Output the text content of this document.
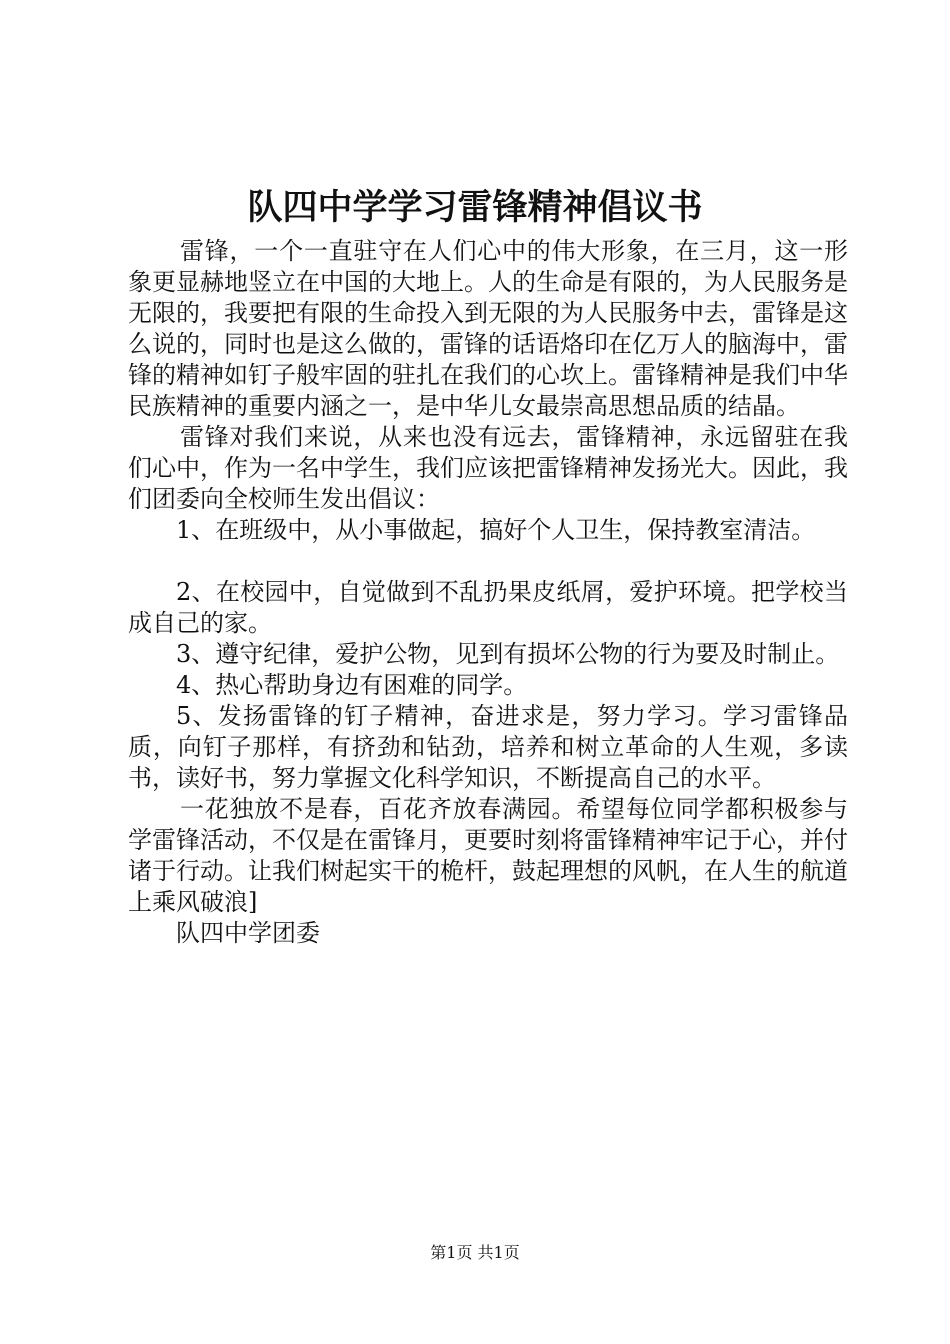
队四中学学习雷锋精神倡议书

雷锋，一个一直驻守在人们心中的伟大形象，在三月，这一形象更显赫地竖立在中国的大地上。人的生命是有限的，为人民服务是无限的，我要把有限的生命投入到无限的为人民服务中去，雷锋是这么说的，同时也是这么做的，雷锋的话语烙印在亿万人的脑海中，雷锋的精神如钉子般牢固的驻扎在我们的心坎上。雷锋精神是我们中华民族精神的重要内涵之一，是中华儿女最崇高思想品质的结晶。

雷锋对我们来说，从来也没有远去，雷锋精神，永远留驻在我们心中，作为一名中学生，我们应该把雷锋精神发扬光大。因此，我们团委向全校师生发出倡议：

1、在班级中，从小事做起，搞好个人卫生，保持教室清洁。

2、在校园中，自觉做到不乱扔果皮纸屑，爱护环境。把学校当成自己的家。

3、遵守纪律，爱护公物，见到有损坏公物的行为要及时制止。

4、热心帮助身边有困难的同学。

5、发扬雷锋的钉子精神，奋进求是，努力学习。学习雷锋品质，向钉子那样，有挤劲和钻劲，培养和树立革命的人生观，多读书，读好书，努力掌握文化科学知识，不断提高自己的水平。

一花独放不是春，百花齐放春满园。希望每位同学都积极参与学雷锋活动，不仅是在雷锋月，更要时刻将雷锋精神牢记于心，并付诸于行动。让我们树起实干的桅杆，鼓起理想的风帆，在人生的航道上乘风破浪]

队四中学团委

第1页 共1页
